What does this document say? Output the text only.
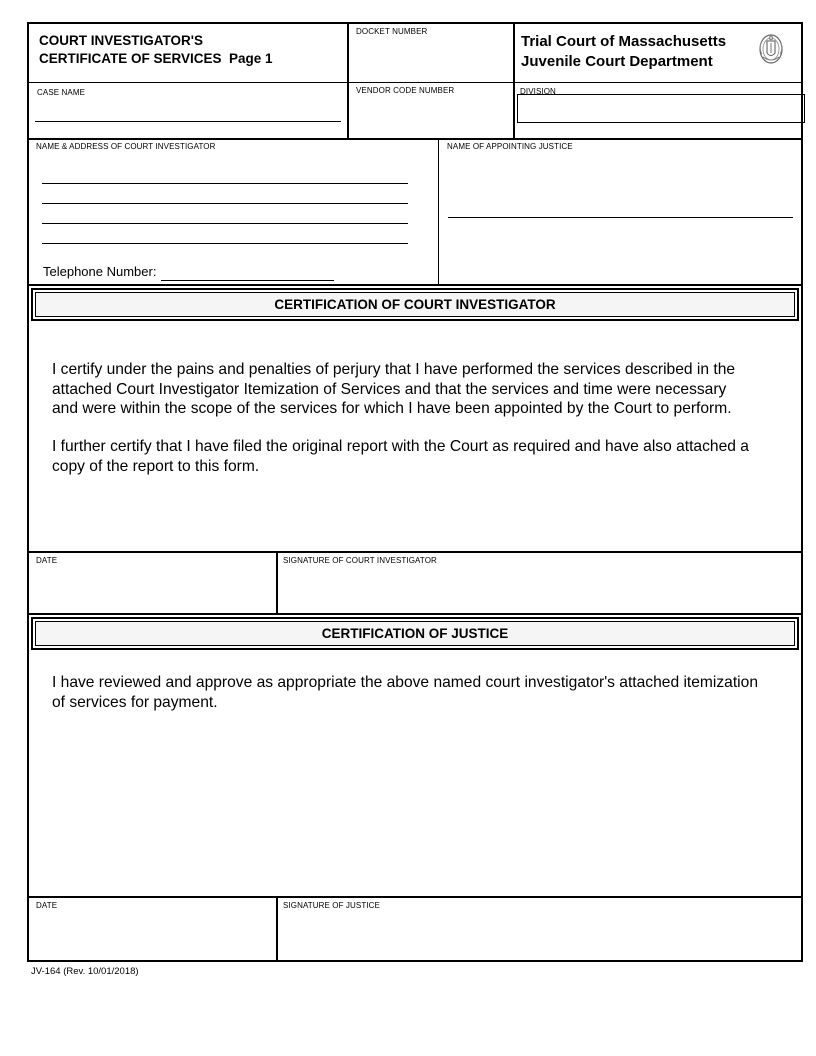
COURT INVESTIGATOR'S
CERTIFICATE OF SERVICES  Page 1
DOCKET NUMBER
Trial Court of Massachusetts
Juvenile Court Department
CASE NAME	VENDOR CODE NUMBER	DIVISION
NAME & ADDRESS OF COURT INVESTIGATOR
Telephone Number:
NAME OF APPOINTING JUSTICE
CERTIFICATION OF COURT INVESTIGATOR
I certify under the pains and penalties of perjury that I have performed the services described in the
attached Court Investigator Itemization of Services and that the services and time were necessary
and were within the scope of the services for which I have been appointed by the Court to perform.
I further certify that I have filed the original report with the Court as required and have also attached a
copy of the report to this form.
DATE	SIGNATURE OF COURT INVESTIGATOR
CERTIFICATION OF JUSTICE
I have reviewed and approve as appropriate the above named court investigator's attached itemization
of services for payment.
DATE	SIGNATURE OF JUSTICE
JV-164 (Rev. 10/01/2018)
